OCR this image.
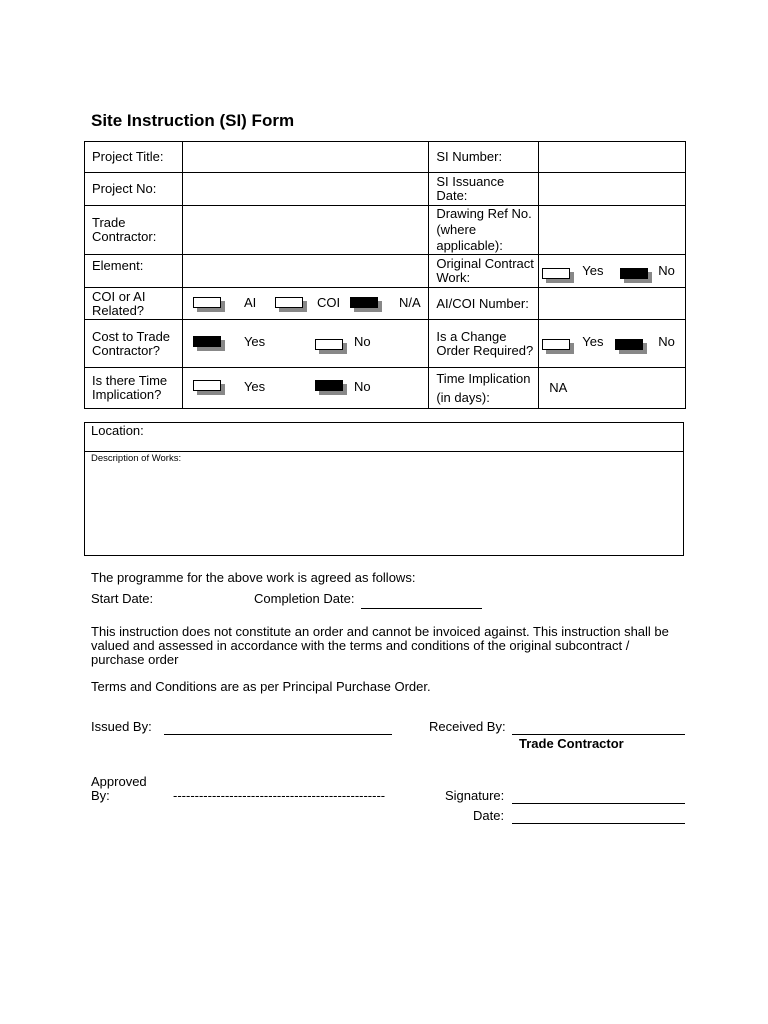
Site Instruction (SI) Form
Project Title:		SI Number:	
Project No:		SI Issuance Date:	
Trade Contractor:		Drawing Ref No. (where applicable):	

Element:		Original Contract Work:	Yes No

COI or AI Related?	AI COI N/A	AI/COI Number:	
Cost to Trade Contractor?	Yes No	Is a Change Order Required?	Yes No

Is there Time Implication?	Yes No	Time Implication (in days):	NA
Location:
Description of Works:
The programme for the above work is agreed as follows:
Start Date:	Completion Date:
This instruction does not constitute an order and cannot be invoiced against. This instruction shall be valued and assessed in accordance with the terms and conditions of the original subcontract / purchase order
Terms and Conditions are as per Principal Purchase Order.
Issued By:	Received By:
Trade Contractor
Approved By:	-------------------------------------------------	Signature:
Date:
